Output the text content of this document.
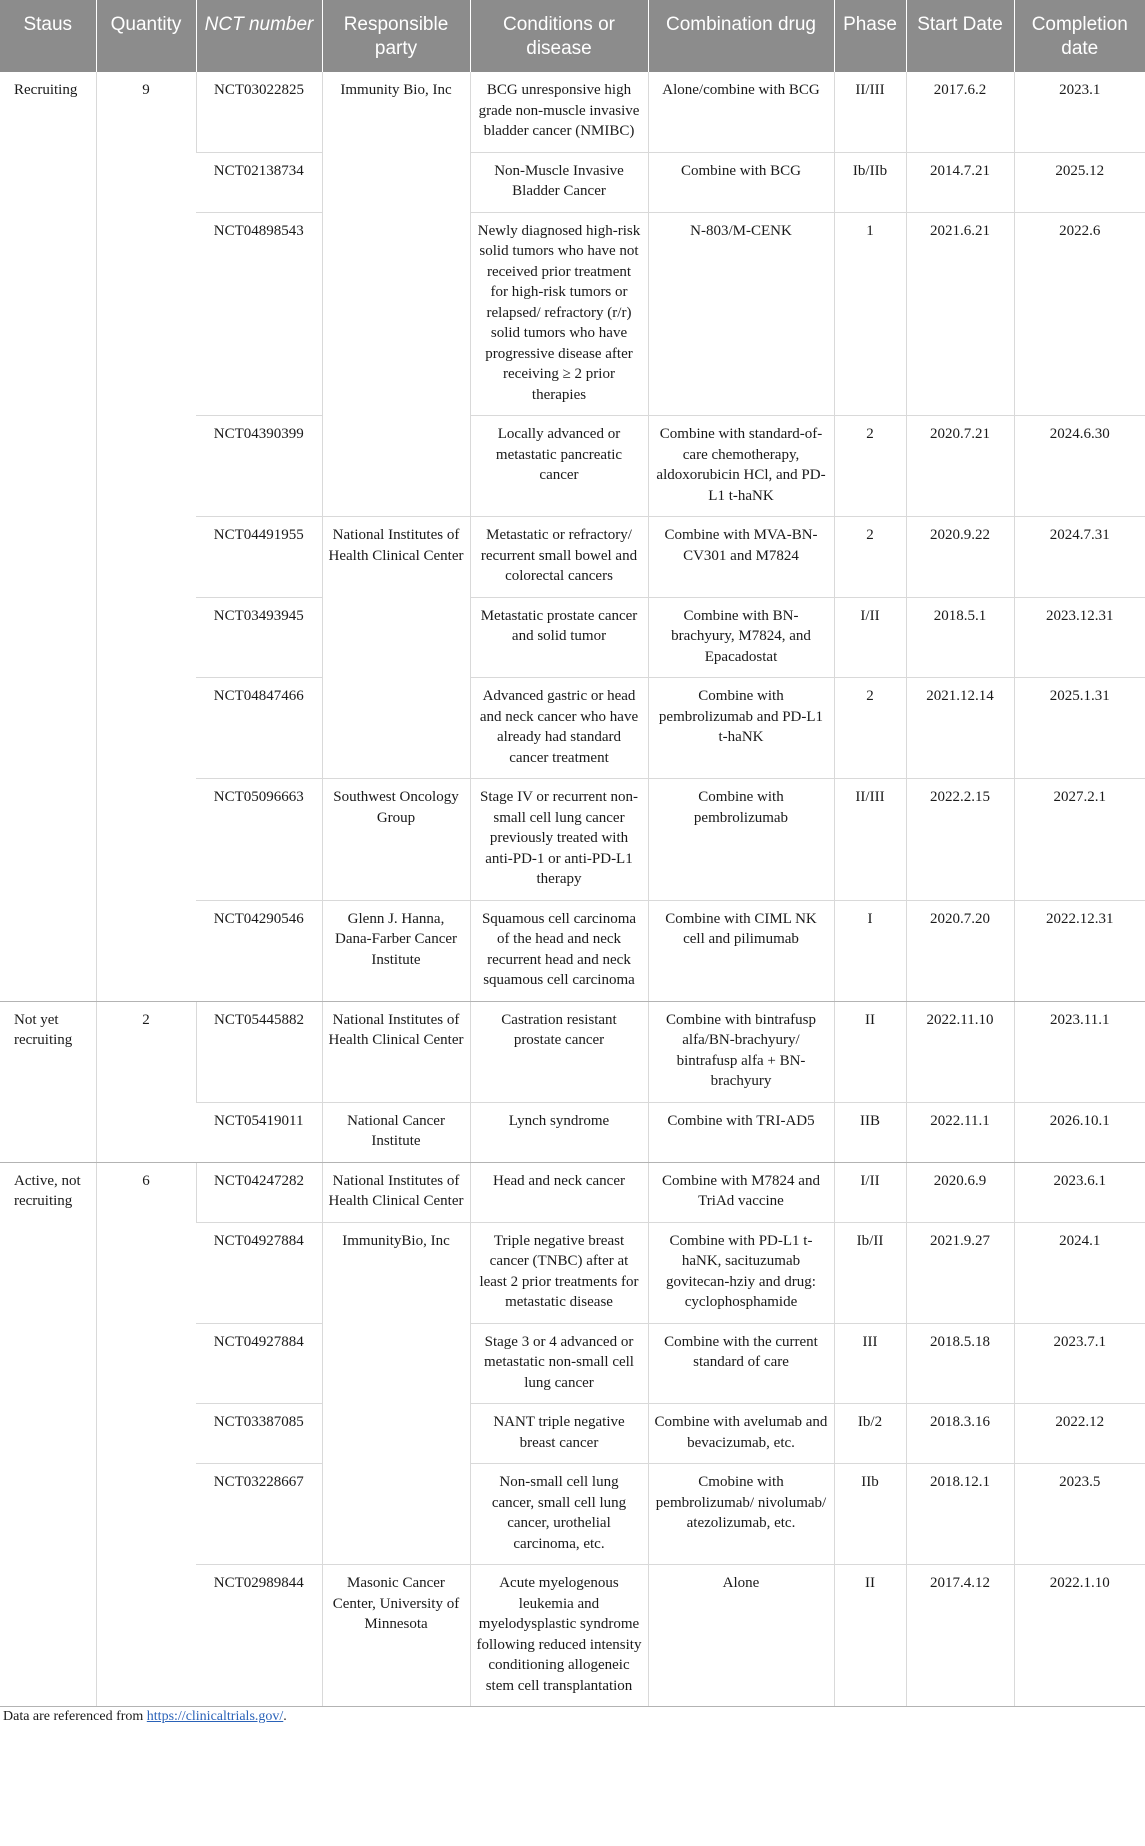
Staus	Quantity	NCT number	Responsible party	Conditions or disease	Combination drug	Phase	Start Date	Completion date
Recruiting	9	NCT03022825	Immunity Bio, Inc	BCG unresponsive high grade non-muscle invasive bladder cancer (NMIBC)	Alone/combine with BCG	II/III	2017.6.2	2023.1
		NCT02138734		Non-Muscle Invasive Bladder Cancer	Combine with BCG	Ib/IIb	2014.7.21	2025.12
		NCT04898543		Newly diagnosed high-risk solid tumors who have not received prior treatment for high-risk tumors or relapsed/ refractory (r/r) solid tumors who have progressive disease after receiving ≥ 2 prior therapies	N-803/M-CENK	1	2021.6.21	2022.6
		NCT04390399		Locally advanced or metastatic pancreatic cancer	Combine with standard-of-care chemotherapy, aldoxorubicin HCl, and PD-L1 t-haNK	2	2020.7.21	2024.6.30
		NCT04491955	National Institutes of Health Clinical Center	Metastatic or refractory/ recurrent small bowel and colorectal cancers	Combine with MVA-BN-CV301 and M7824	2	2020.9.22	2024.7.31
		NCT03493945		Metastatic prostate cancer and solid tumor	Combine with BN-brachyury, M7824, and Epacadostat	I/II	2018.5.1	2023.12.31
		NCT04847466		Advanced gastric or head and neck cancer who have already had standard cancer treatment	Combine with pembrolizumab and PD-L1 t-haNK	2	2021.12.14	2025.1.31
		NCT05096663	Southwest Oncology Group	Stage IV or recurrent non-small cell lung cancer previously treated with anti-PD-1 or anti-PD-L1 therapy	Combine with pembrolizumab	II/III	2022.2.15	2027.2.1
		NCT04290546	Glenn J. Hanna, Dana-Farber Cancer Institute	Squamous cell carcinoma of the head and neck recurrent head and neck squamous cell carcinoma	Combine with CIML NK cell and pilimumab	I	2020.7.20	2022.12.31
Not yet recruiting	2	NCT05445882	National Institutes of Health Clinical Center	Castration resistant prostate cancer	Combine with bintrafusp alfa/BN-brachyury/ bintrafusp alfa + BN-brachyury	II	2022.11.10	2023.11.1
		NCT05419011	National Cancer Institute	Lynch syndrome	Combine with TRI-AD5	IIB	2022.11.1	2026.10.1
Active, not recruiting	6	NCT04247282	National Institutes of Health Clinical Center	Head and neck cancer	Combine with M7824 and TriAd vaccine	I/II	2020.6.9	2023.6.1
		NCT04927884	ImmunityBio, Inc	Triple negative breast cancer (TNBC) after at least 2 prior treatments for metastatic disease	Combine with PD-L1 t-haNK, sacituzumab govitecan-hziy and drug: cyclophosphamide	Ib/II	2021.9.27	2024.1
		NCT04927884		Stage 3 or 4 advanced or metastatic non-small cell lung cancer	Combine with the current standard of care	III	2018.5.18	2023.7.1
		NCT03387085		NANT triple negative breast cancer	Combine with avelumab and bevacizumab, etc.	Ib/2	2018.3.16	2022.12
		NCT03228667		Non-small cell lung cancer, small cell lung cancer, urothelial carcinoma, etc.	Cmobine with pembrolizumab/ nivolumab/ atezolizumab, etc.	IIb	2018.12.1	2023.5
		NCT02989844	Masonic Cancer Center, University of Minnesota	Acute myelogenous leukemia and myelodysplastic syndrome following reduced intensity conditioning allogeneic stem cell transplantation	Alone	II	2017.4.12	2022.1.10
Data are referenced from https://clinicaltrials.gov/.
